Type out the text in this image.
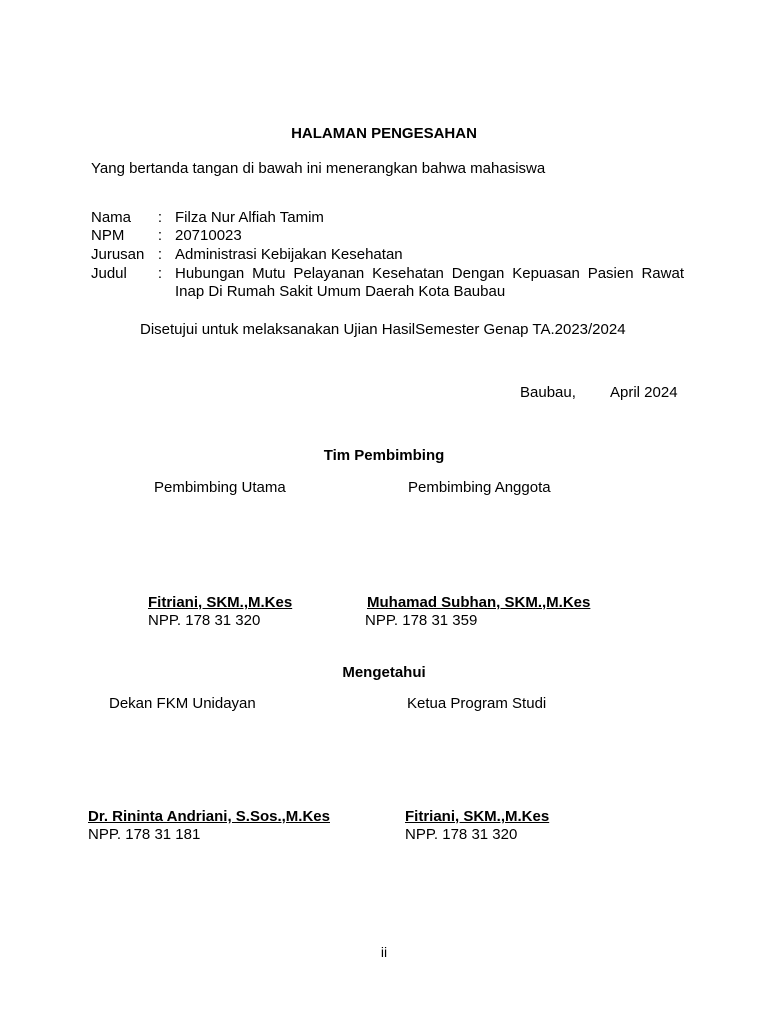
HALAMAN PENGESAHAN
Yang bertanda tangan di bawah ini menerangkan bahwa mahasiswa
Nama : Filza Nur Alfiah Tamim
NPM : 20710023
Jurusan : Administrasi Kebijakan Kesehatan
Judul : Hubungan Mutu Pelayanan Kesehatan Dengan Kepuasan Pasien Rawat Inap Di Rumah Sakit Umum Daerah Kota Baubau
Disetujui untuk melaksanakan Ujian HasilSemester Genap TA.2023/2024
Baubau, April 2024
Tim Pembimbing
Pembimbing Utama	Pembimbing Anggota
Fitriani, SKM.,M.Kes
NPP. 178 31 320
Muhamad Subhan, SKM.,M.Kes
NPP. 178 31 359
Mengetahui
Dekan FKM Unidayan	Ketua Program Studi
Dr. Rininta Andriani, S.Sos.,M.Kes
NPP. 178 31 181
Fitriani, SKM.,M.Kes
NPP. 178 31 320
ii
